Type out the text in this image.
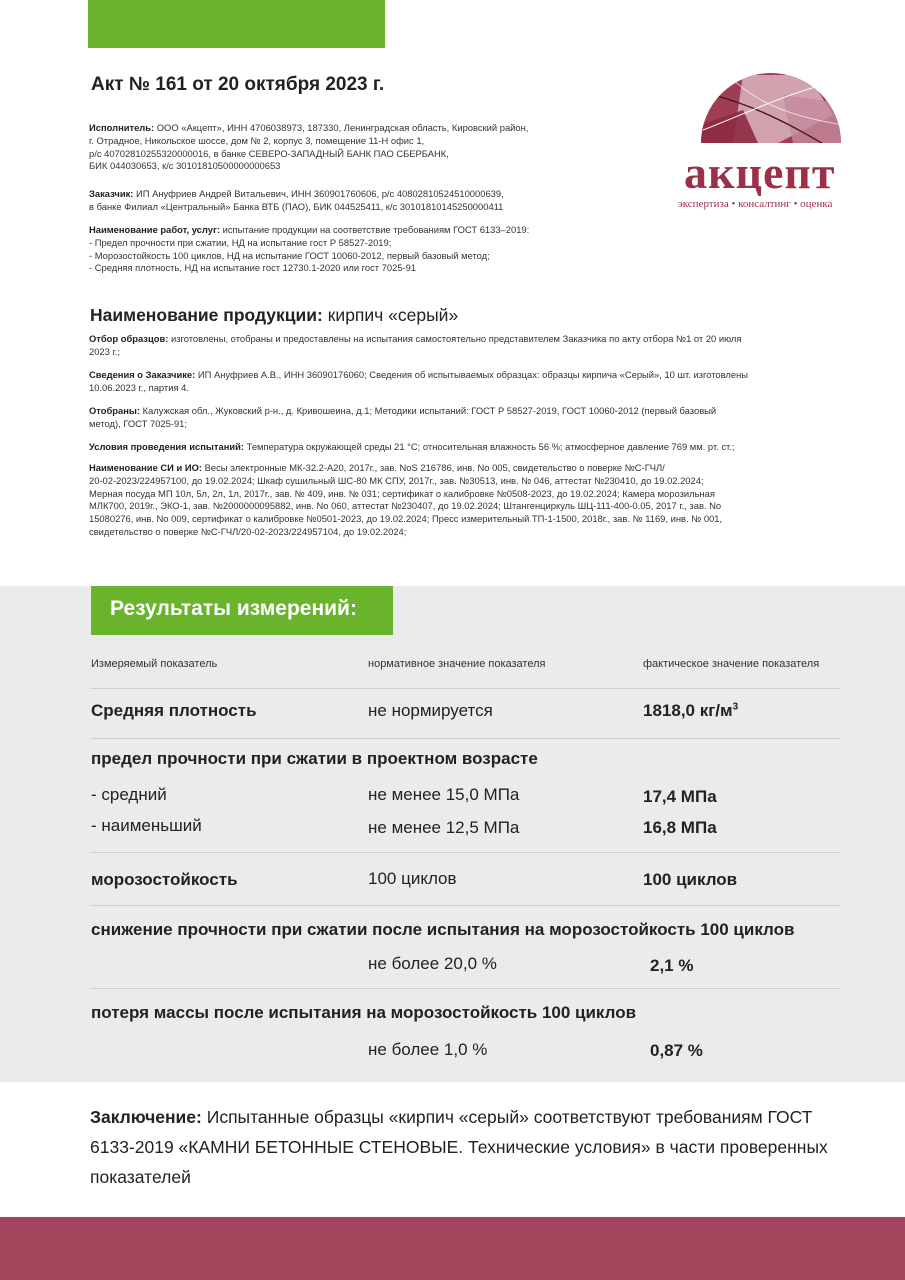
Акт № 161 от 20 октября 2023 г.
акцепт
экспертиза • консалтинг • оценка
Исполнитель: ООО «Акцепт», ИНН 4706038973, 187330, Ленинградская область, Кировский район,
г. Отрадное, Никольское шоссе, дом № 2, корпус 3, помещение 11-Н офис 1,
р/с 40702810255320000016, в банке СЕВЕРО-ЗАПАДНЫЙ БАНК ПАО СБЕРБАНК,
БИК 044030653, к/с 30101810500000000653
Заказчик: ИП Ануфриев Андрей Витальевич, ИНН 360901760606, р/с 40802810524510000639,
в банке Филиал «Центральный» Банка ВТБ (ПАО), БИК 044525411, к/с 30101810145250000411
Наименование работ, услуг: испытание продукции на соответствие требованиям ГОСТ 6133–2019:
- Предел прочности при сжатии, НД на испытание гост Р 58527-2019;
- Морозостойкость 100 циклов, НД на испытание ГОСТ 10060-2012, первый базовый метод;
- Средняя плотность, НД на испытание гост 12730.1-2020 или гост 7025-91
Наименование продукции: кирпич «серый»
Отбор образцов: изготовлены, отобраны и предоставлены на испытания самостоятельно представителем Заказчика по акту отбора №1 от 20 июля
2023 г.;
Сведения о Заказчике: ИП Ануфриев А.В., ИНН 36090176060; Сведения об испытываемых образцах: образцы кирпича «Серый», 10 шт. изготовлены
10.06.2023 г., партия 4.
Отобраны: Калужская обл., Жуковский р-н., д. Кривошеина, д.1; Методики испытаний: ГОСТ Р 58527-2019, ГОСТ 10060-2012 (первый базовый
метод), ГОСТ 7025-91;
Условия проведения испытаний: Температура окружающей среды 21 °С; относительная влажность 56 %; атмосферное давление 769 мм. рт. ст.;
Наименование СИ и ИО: Весы электронные МК-32.2-А20, 2017г., зав. NoS 216786, инв. No 005, свидетельство о поверке №С-ГЧЛ/
20-02-2023/224957100, до 19.02.2024; Шкаф сушильный ШС-80 МК СПУ, 2017г., зав. №30513, инв. № 046, аттестат №230410, до 19.02.2024;
Мерная посуда МП 10л, 5л, 2л, 1л, 2017г., зав. № 409, инв. № 031; сертификат о калибровке №0508-2023, до 19.02.2024; Камера морозильная
МЛК700, 2019г., ЭКО-1, зав. №2000000095882, инв. No 060, аттестат №230407, до 19.02.2024; Штангенциркуль ШЦ-111-400-0.05, 2017 г., зав. No
15080276, инв. No 009, сертификат о калибровке №0501-2023, до 19.02.2024; Пресс измерительный ТП-1-1500, 2018г., зав. № 1169, инв. № 001,
свидетельство о поверке №С-ГЧЛ/20-02-2023/224957104, до 19.02.2024;
Результаты измерений:
Измеряемый показатель	нормативное значение показателя	фактическое значение показателя
Средняя плотность	не нормируется	1818,0 $кг/м^3$
предел прочности при сжатии в проектном возрасте
- средний	не менее 15,0 МПа	17,4 МПа
- наименьший	не менее 12,5 МПа	16,8 МПа
морозостойкость	100 циклов	100 циклов
снижение прочности при сжатии после испытания на морозостойкость 100 циклов
не более 20,0 %	2,1 %
потеря массы после испытания на морозостойкость 100 циклов
не более 1,0 %	0,87 %
Заключение: Испытанные образцы «кирпич «серый» соответствуют требованиям ГОСТ 6133-2019 «КАМНИ БЕТОННЫЕ СТЕНОВЫЕ. Технические условия» в части проверенных показателей
